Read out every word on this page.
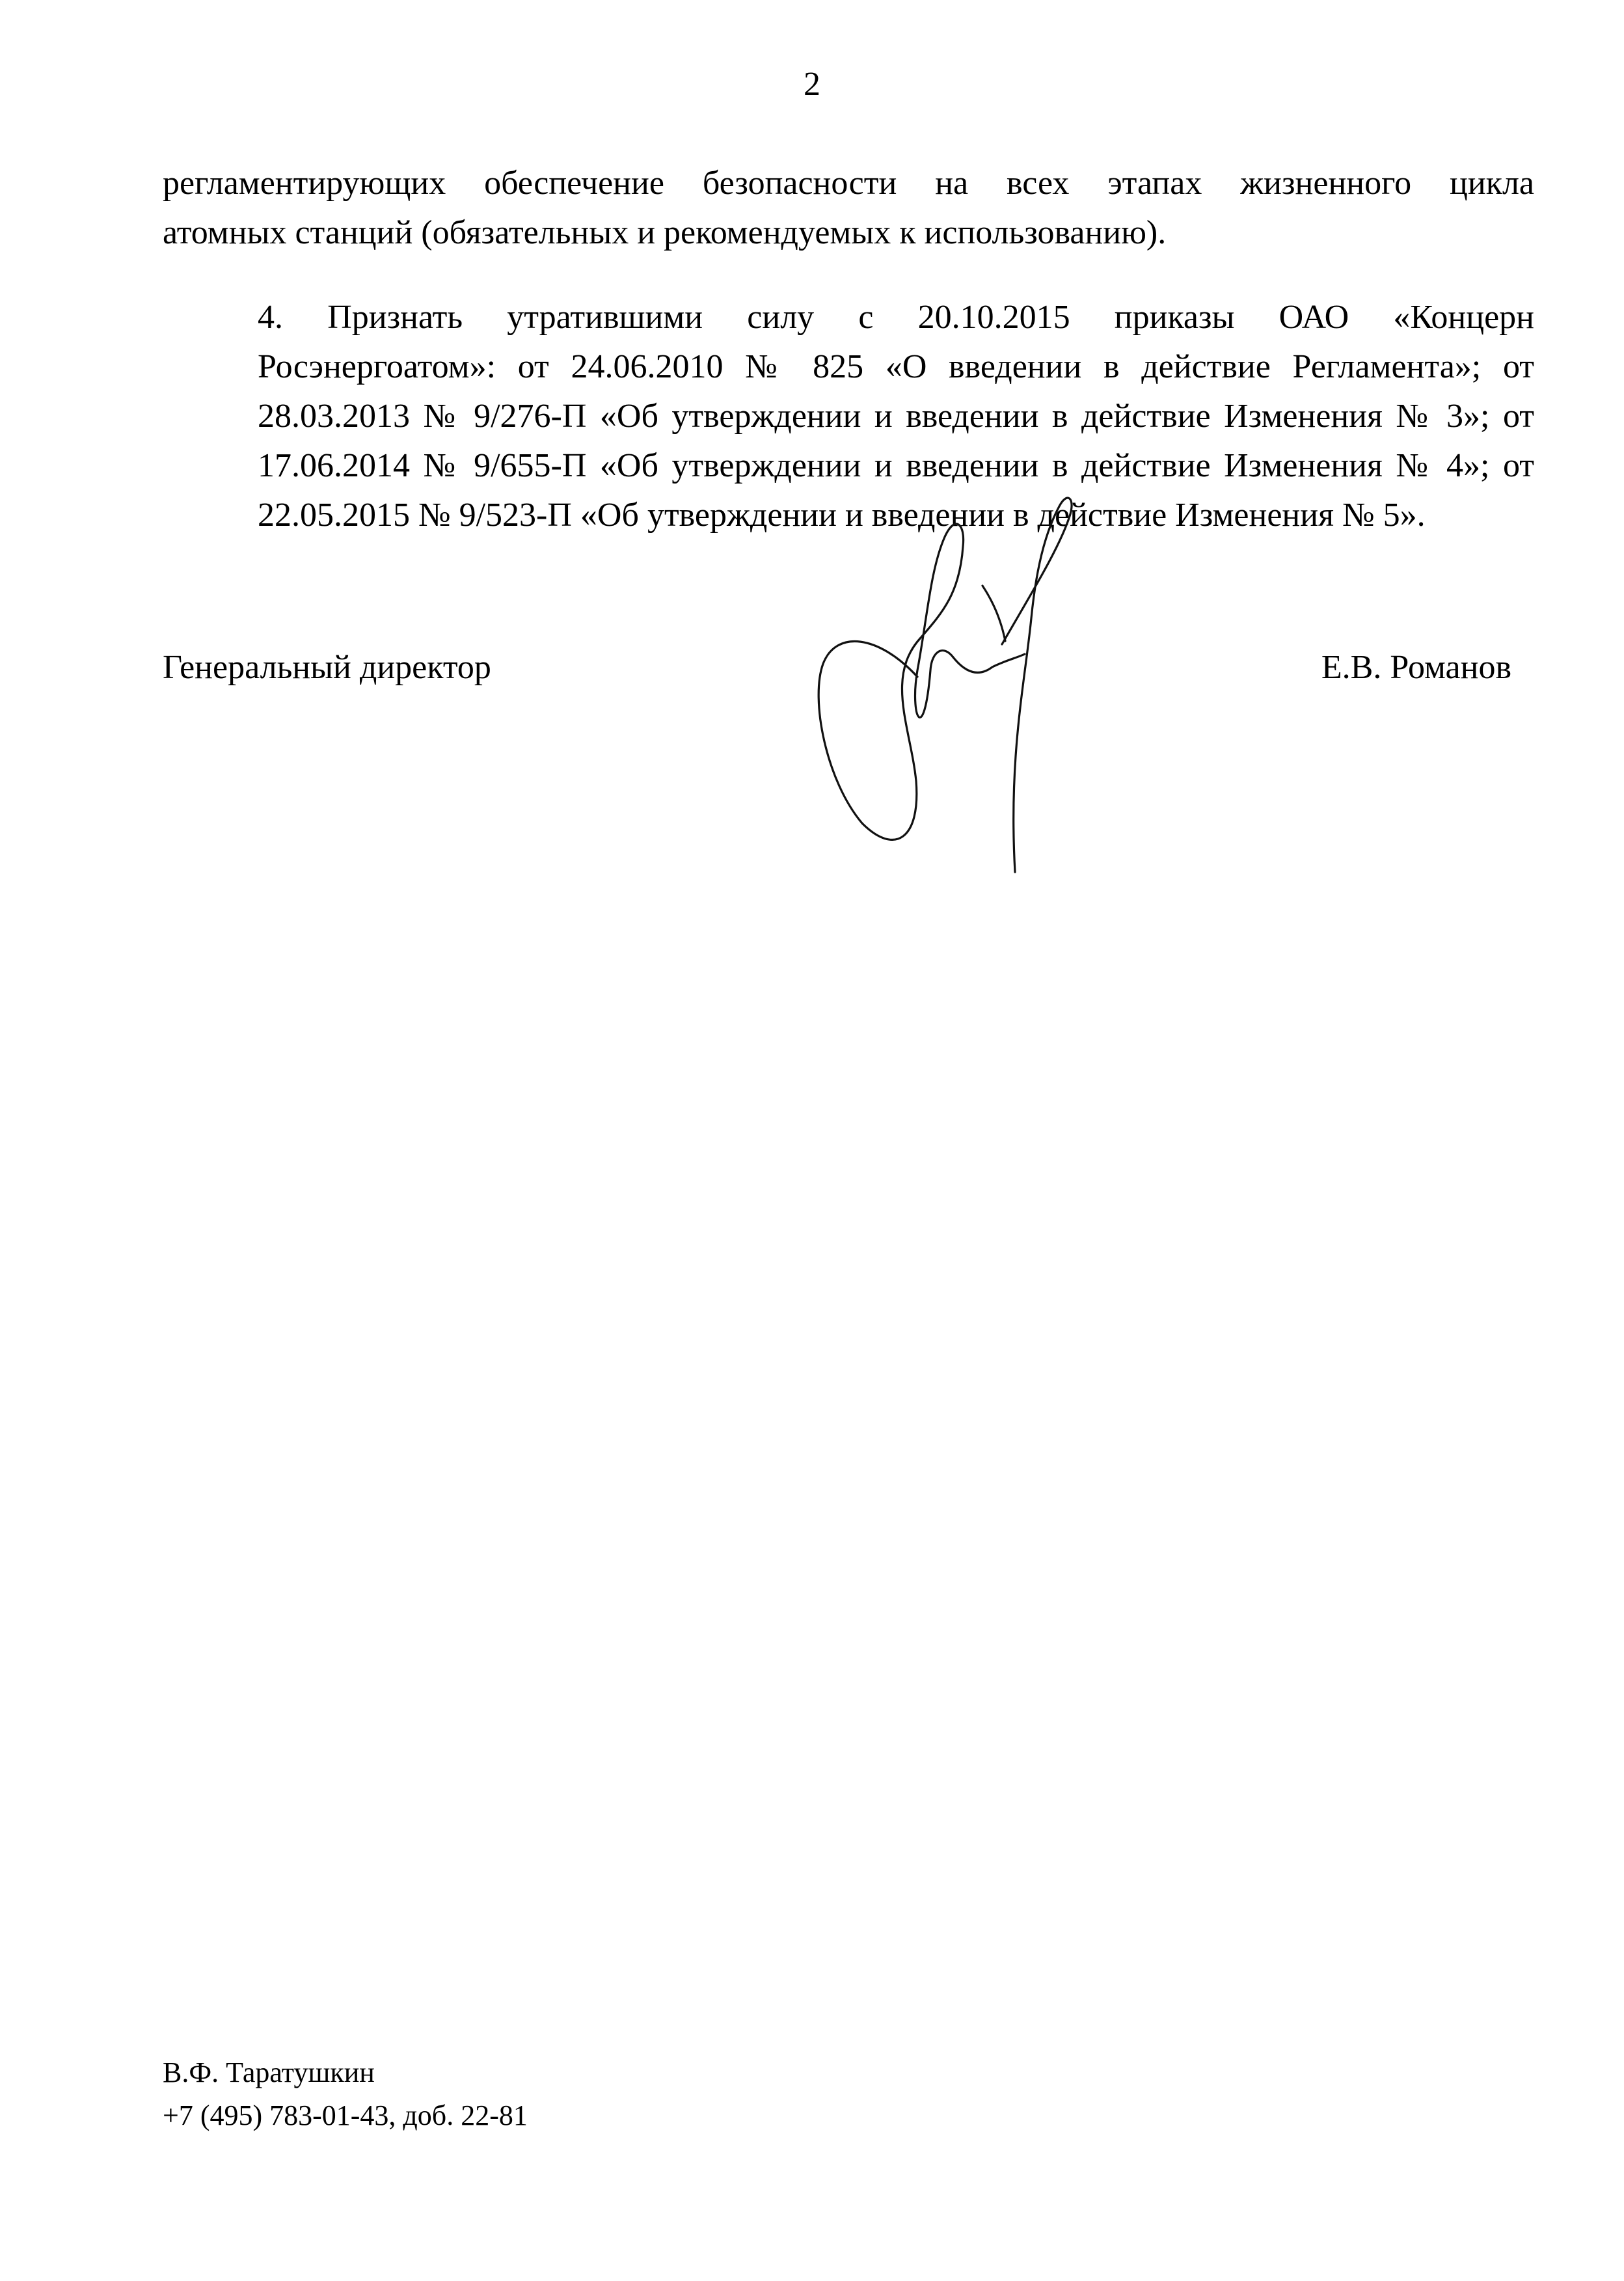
2
регламентирующих обеспечение безопасности на всех этапах жизненного цикла
атомных станций (обязательных и рекомендуемых к использованию).
4. Признать утратившими силу с 20.10.2015 приказы ОАО «Концерн
Росэнергоатом»: от 24.06.2010 № 825 «О введении в действие Регламента»; от
28.03.2013 № 9/276-П «Об утверждении и введении в действие Изменения № 3»; от
17.06.2014 № 9/655-П «Об утверждении и введении в действие Изменения № 4»; от
22.05.2015 № 9/523-П «Об утверждении и введении в действие Изменения № 5».
Генеральный директор	Е.В. Романов
В.Ф. Таратушкин
+7 (495) 783-01-43, доб. 22-81
